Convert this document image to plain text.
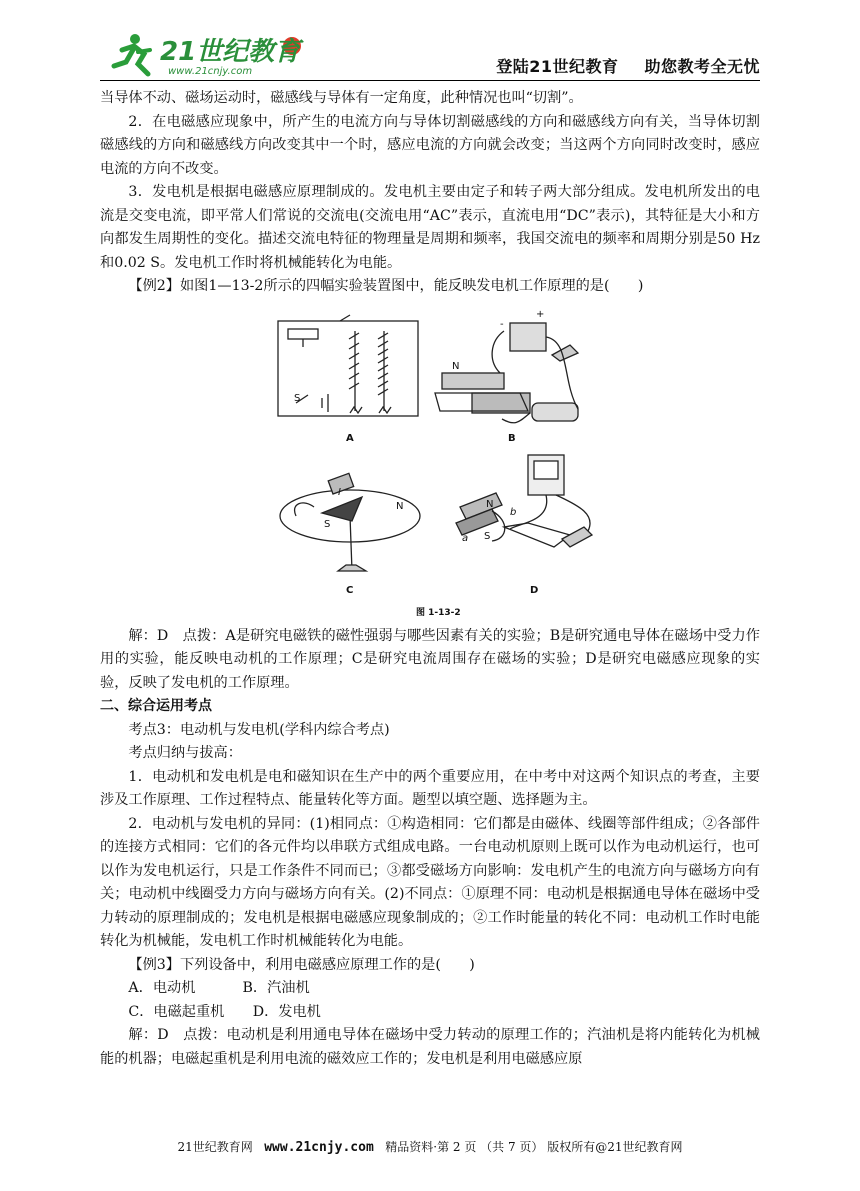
21世纪教育
www.21cnjy.com	登陆21世纪教育 助您教考全无忧

当导体不动、磁场运动时，磁感线与导体有一定角度，此种情况也叫“切割”。

2．在电磁感应现象中，所产生的电流方向与导体切割磁感线的方向和磁感线方向有关，当导体切割磁感线的方向和磁感线方向改变其中一个时，感应电流的方向就会改变；当这两个方向同时改变时，感应电流的方向不改变。

3．发电机是根据电磁感应原理制成的。发电机主要由定子和转子两大部分组成。发电机所发出的电流是交变电流，即平常人们常说的交流电(交流电用“AC”表示，直流电用“DC”表示)，其特征是大小和方向都发生周期性的变化。描述交流电特征的物理量是周期和频率，我国交流电的频率和周期分别是50 Hz和0.02 S。发电机工作时将机械能转化为电能。

【例2】如图1—13-2所示的四幅实验装置图中，能反映发电机工作原理的是(　　)

A	B
C	D
S
N
-
+
S
N
I
N
S
a
b
图 1-13-2

解：D　点拨：A是研究电磁铁的磁性强弱与哪些因素有关的实验；B是研究通电导体在磁场中受力作用的实验，能反映电动机的工作原理；C是研究电流周围存在磁场的实验；D是研究电磁感应现象的实验，反映了发电机的工作原理。

二、综合运用考点

考点3：电动机与发电机(学科内综合考点)

考点归纳与拔高：

1．电动机和发电机是电和磁知识在生产中的两个重要应用，在中考中对这两个知识点的考查，主要涉及工作原理、工作过程特点、能量转化等方面。题型以填空题、选择题为主。

2．电动机与发电机的异同：(1)相同点：①构造相同：它们都是由磁体、线圈等部件组成；②各部件的连接方式相同：它们的各元件均以串联方式组成电路。一台电动机原则上既可以作为电动机运行，也可以作为发电机运行，只是工作条件不同而已；③都受磁场方向影响：发电机产生的电流方向与磁场方向有关；电动机中线圈受力方向与磁场方向有关。(2)不同点：①原理不同：电动机是根据通电导体在磁场中受力转动的原理制成的；发电机是根据电磁感应现象制成的；②工作时能量的转化不同：电动机工作时电能转化为机械能，发电机工作时机械能转化为电能。

【例3】下列设备中，利用电磁感应原理工作的是(　　)

A．电动机　　　 B．汽油机

C．电磁起重机　　D．发电机

解：D　点拨：电动机是利用通电导体在磁场中受力转动的原理工作的；汽油机是将内能转化为机械能的机器；电磁起重机是利用电流的磁效应工作的；发电机是利用电磁感应原

21世纪教育网 www.21cnjy.com 精品资料·第 2 页 （共 7 页） 版权所有@21世纪教育网
